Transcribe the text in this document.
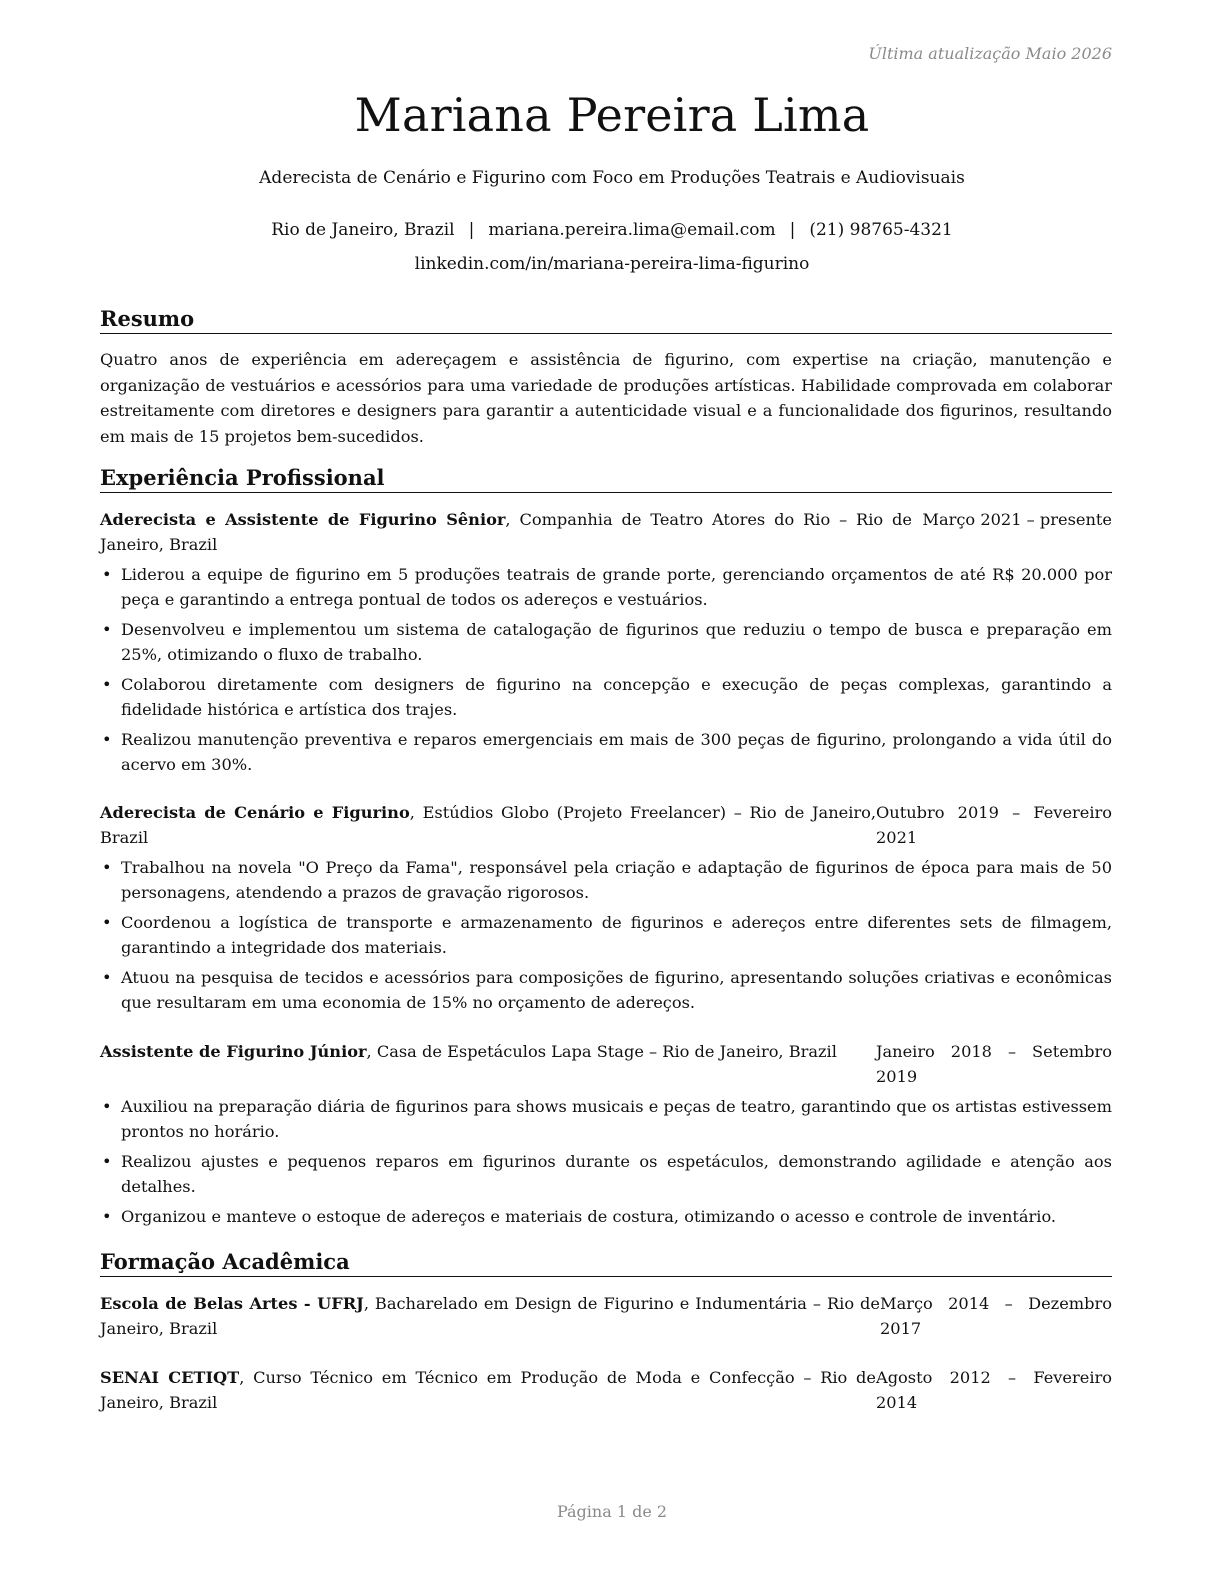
Última atualização Maio 2026
Mariana Pereira Lima
Aderecista de Cenário e Figurino com Foco em Produções Teatrais e Audiovisuais
Rio de Janeiro, Brazil | mariana.pereira.lima@email.com | (21) 98765-4321
linkedin.com/in/mariana-pereira-lima-figurino
Resumo
Quatro anos de experiência em adereçagem e assistência de figurino, com expertise na criação, manutenção e organização de vestuários e acessórios para uma variedade de produções artísticas. Habilidade comprovada em colaborar estreitamente com diretores e designers para garantir a autenticidade visual e a funcionalidade dos figurinos, resultando em mais de 15 projetos bem-sucedidos.
Experiência Profissional
Aderecista e Assistente de Figurino Sênior, Companhia de Teatro Atores do Rio – Rio de Janeiro, Brazil
Março 2021 – presente
• Liderou a equipe de figurino em 5 produções teatrais de grande porte, gerenciando orçamentos de até R$ 20.000 por peça e garantindo a entrega pontual de todos os adereços e vestuários.
• Desenvolveu e implementou um sistema de catalogação de figurinos que reduziu o tempo de busca e preparação em 25%, otimizando o fluxo de trabalho.
• Colaborou diretamente com designers de figurino na concepção e execução de peças complexas, garantindo a fidelidade histórica e artística dos trajes.
• Realizou manutenção preventiva e reparos emergenciais em mais de 300 peças de figurino, prolongando a vida útil do acervo em 30%.
Aderecista de Cenário e Figurino, Estúdios Globo (Projeto Freelancer) – Rio de Janeiro, Brazil
Outubro 2019 – Fevereiro 2021
• Trabalhou na novela "O Preço da Fama", responsável pela criação e adaptação de figurinos de época para mais de 50 personagens, atendendo a prazos de gravação rigorosos.
• Coordenou a logística de transporte e armazenamento de figurinos e adereços entre diferentes sets de filmagem, garantindo a integridade dos materiais.
• Atuou na pesquisa de tecidos e acessórios para composições de figurino, apresentando soluções criativas e econômicas que resultaram em uma economia de 15% no orçamento de adereços.
Assistente de Figurino Júnior, Casa de Espetáculos Lapa Stage – Rio de Janeiro, Brazil	Janeiro 2018 – Setembro 2019
• Auxiliou na preparação diária de figurinos para shows musicais e peças de teatro, garantindo que os artistas estivessem prontos no horário.
• Realizou ajustes e pequenos reparos em figurinos durante os espetáculos, demonstrando agilidade e atenção aos detalhes.
• Organizou e manteve o estoque de adereços e materiais de costura, otimizando o acesso e controle de inventário.
Formação Acadêmica
Escola de Belas Artes - UFRJ, Bacharelado em Design de Figurino e Indumentária – Rio de Janeiro, Brazil
Março 2014 – Dezembro 2017
SENAI CETIQT, Curso Técnico em Técnico em Produção de Moda e Confecção – Rio de Janeiro, Brazil
Agosto 2012 – Fevereiro 2014
Página 1 de 2
